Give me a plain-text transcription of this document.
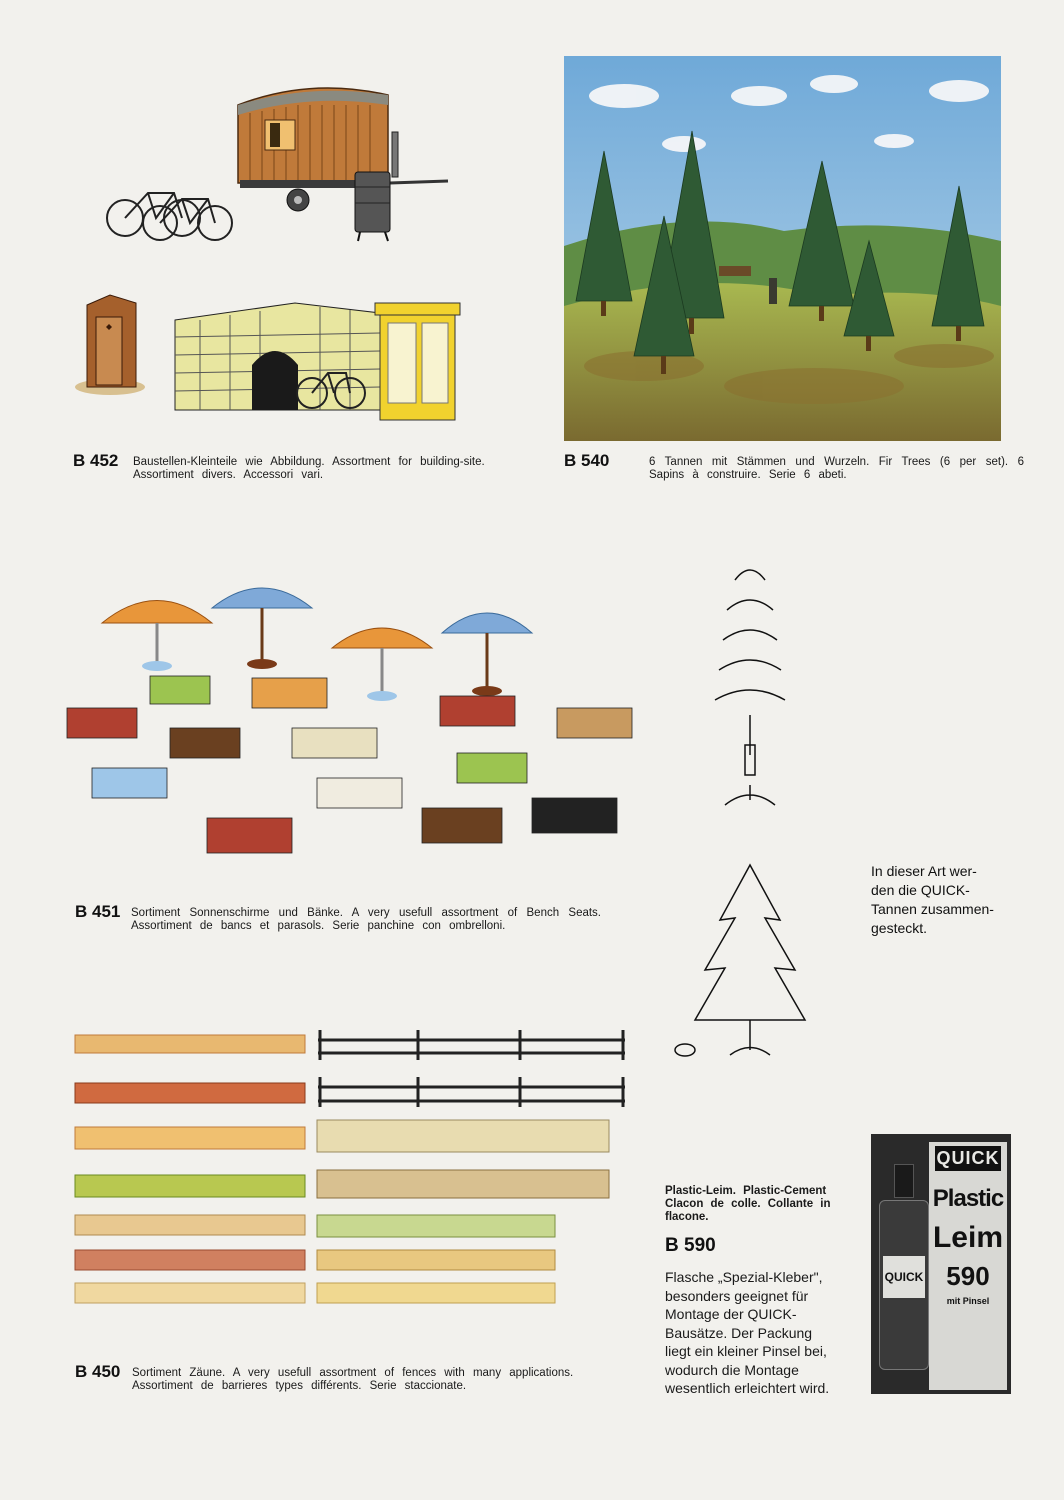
B 452 Baustellen-Kleinteile wie Abbildung. Assortment for building-site. Assortiment divers. Accessori vari.
B 540	6 Tannen mit Stämmen und Wurzeln. Fir Trees (6 per set). 6 Sapins à construire. Serie 6 abeti.
B 451 Sortiment Sonnenschirme und Bänke. A very usefull assortment of Bench Seats. Assortiment de bancs et parasols. Serie panchine con ombrelloni.
In dieser Art wer-
den die QUICK-
Tannen zusammen-
gesteckt.
B 450 Sortiment Zäune. A very usefull assortment of fences with many applications. Assortiment de barrieres types différents. Serie staccionate.
Plastic-Leim. Plastic-Cement
Clacon de colle. Collante in
flacone.
B 590
Flasche „Spezial-Kleber",
besonders geeignet für
Montage der QUICK-
Bausätze. Der Packung
liegt ein kleiner Pinsel bei,
wodurch die Montage
wesentlich erleichtert wird.
QUICK
Plastic
Leim
590
mit Pinsel
QUICK
